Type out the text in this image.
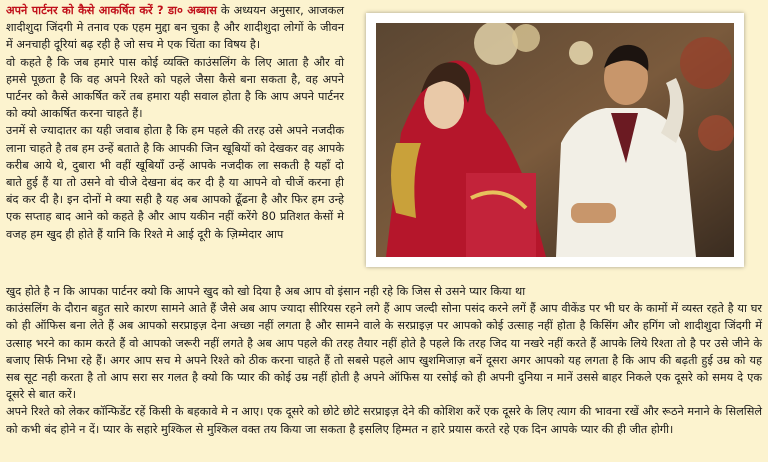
अपने पार्टनर को कैसे आकर्षित करें ? डा० अब्बास के अध्ययन अनुसार, आजकल शादीशुदा जिंदगी मे तनाव एक एहम मुद्दा बन चुका है और शादीशुदा लोगों के जीवन में अनचाही दूरियां बढ़ रही है जो सच मे एक चिंता का विषय है।

वो कहते है कि जब हमारे पास कोई व्यक्ति काउंसलिंग के लिए आता है और वो हमसे पूछता है कि वह अपने रिश्ते को पहले जैसा कैसे बना सकता है, वह अपने पार्टनर को कैसे आकर्षित करें तब हमारा यही सवाल होता है कि आप अपने पार्टनर को क्यो आकर्षित करना चाहते हैं।

उनमें से ज्यादातर का यही जवाब होता है कि हम पहले की तरह उसे अपने नजदीक लाना चाहते है तब हम उन्हें बताते है कि आपकी जिन खूबियों को देखकर वह आपके करीब आये थे, दुबारा भी वहीं खूबियाँ उन्हें आपके नजदीक ला सकती है यहाँ दो बाते हुई हैं या तो उसने वो चीजे देखना बंद कर दी है या आपने वो चीजें करना ही बंद कर दी है। इन दोनों मे क्या सही है यह अब आपको ढूँढना है और फिर हम उन्हे एक सप्ताह बाद आने को कहते है और आप यकीन नहीं करेंगे 80 प्रतिशत केसों मे वजह हम खुद ही होते हैं यानि कि रिश्ते मे आई दूरी के ज़िम्मेदार आप

खुद होते है न कि आपका पार्टनर क्यो कि आपने खुद को खो दिया है अब आप वो इंसान नही रहे कि जिस से उसने प्यार किया था

काउंसलिंग के दौरान बहुत सारे कारण सामने आते हैं जैसे अब आप ज्यादा सीरियस रहने लगे हैं आप जल्दी सोना पसंद करने लगें हैं आप वीकेंड पर भी घर के कामों में व्यस्त रहते है या घर को ही ऑफिस बना लेते हैं अब आपको सरप्राइज़ देना अच्छा नहीं लगता है और सामने वाले के सरप्राइज़ पर आपको कोई उत्साह नहीं होता है किसिंग और हगिंग जो शादीशुदा जिंदगी में उत्साह भरने का काम करते हैं वो आपको जरूरी नहीं लगते है अब आप पहले की तरह तैयार नहीं होते है पहले कि तरह जिद या नखरे नहीं करते हैं आपके लिये रिश्ता तो है पर उसे जीने के बजाए सिर्फ निभा रहे हैं। अगर आप सच मे अपने रिश्ते को ठीक करना चाहते हैं तो सबसे पहले आप खुशमिजाज़ बनें दूसरा अगर आपको यह लगता है कि आप की बढ़ती हुई उम्र को यह सब सूट नही करता है तो आप सरा सर गलत है क्यो कि प्यार की कोई उम्र नहीं होती है अपने ऑफिस या रसोई को ही अपनी दुनिया न मानें उससे बाहर निकले एक दूसरे को समय दे एक दूसरे से बात करें।

अपने रिश्ते को लेकर कॉन्फिडेंट रहें किसी के बहकावे मे न आए। एक दूसरे को छोटे छोटे सरप्राइज़ देने की कोशिश करें एक दूसरे के लिए त्याग की भावना रखें और रूठने मनाने के सिलसिले को कभी बंद होने न दें। प्यार के सहारे मुश्किल से मुश्किल वक्त तय किया जा सकता है इसलिए हिम्मत न हारे प्रयास करते रहे एक दिन आपके प्यार की ही जीत होगी।
